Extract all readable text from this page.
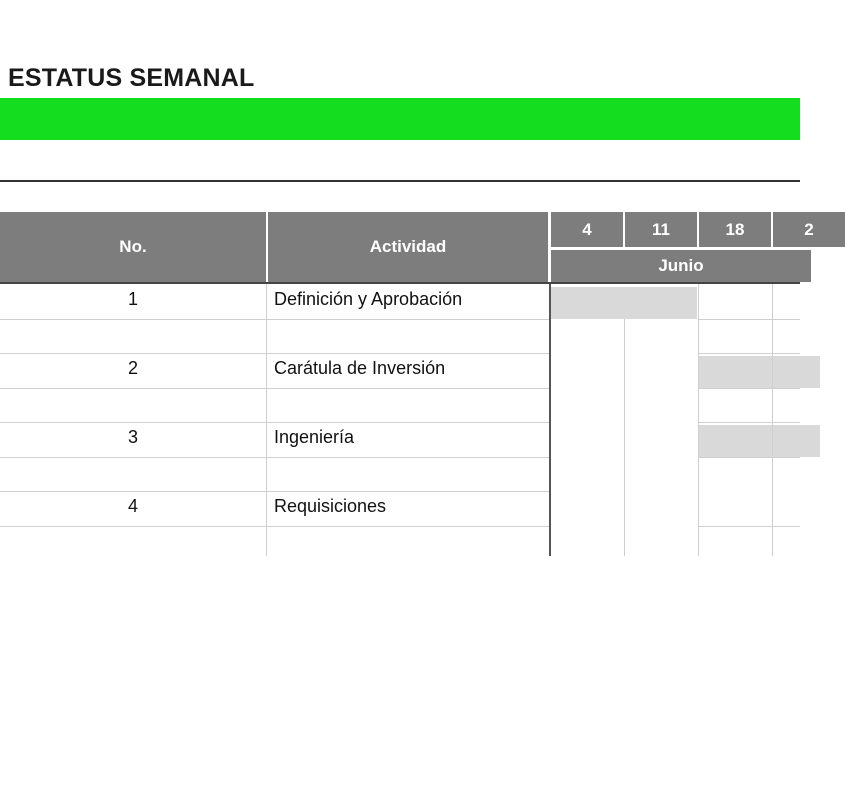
ESTATUS SEMANAL
No.	Actividad
Junio
4	11	18	2
1	Definición y Aprobación
2	Carátula de Inversión
3	Ingeniería
4	Requisiciones
